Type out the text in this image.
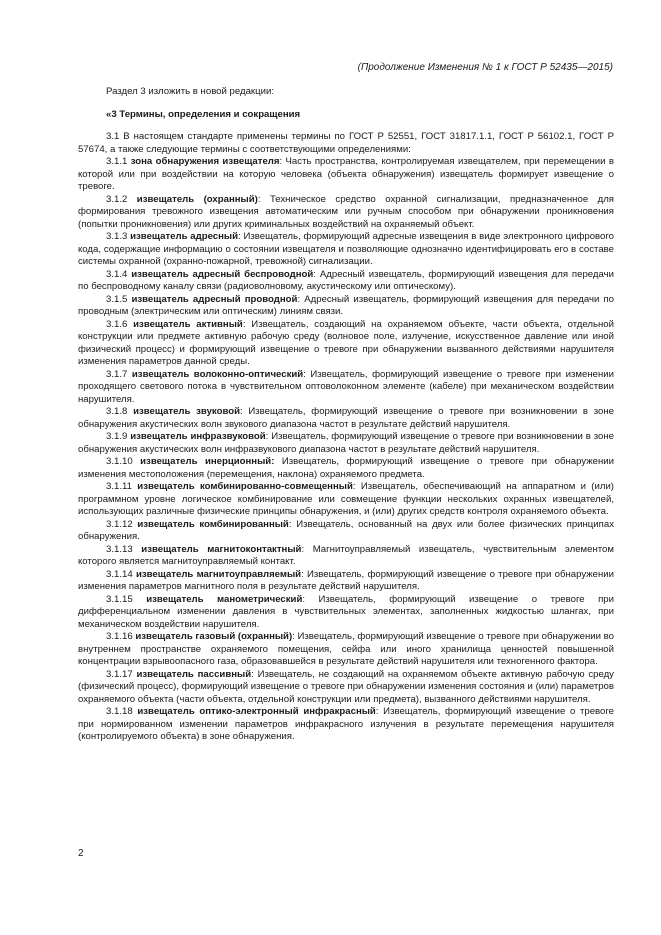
(Продолжение Изменения № 1 к ГОСТ Р 52435—2015)

Раздел 3 изложить в новой редакции:

«3 Термины, определения и сокращения

3.1 В настоящем стандарте применены термины по ГОСТ Р 52551, ГОСТ 31817.1.1, ГОСТ Р 56102.1, ГОСТ Р 57674, а также следующие термины с соответствующими определениями:

3.1.1 зона обнаружения извещателя: Часть пространства, контролируемая извещателем, при перемещении в которой или при воздействии на которую человека (объекта обнаружения) извещатель формирует извещение о тревоге.

3.1.2 извещатель (охранный): Техническое средство охранной сигнализации, предназначенное для формирования тревожного извещения автоматическим или ручным способом при обнаружении проникновения (попытки проникновения) или других криминальных воздействий на охраняемый объект.

3.1.3 извещатель адресный: Извещатель, формирующий адресные извещения в виде электронного цифрового кода, содержащие информацию о состоянии извещателя и позволяющие однозначно идентифицировать его в составе системы охранной (охранно-пожарной, тревожной) сигнализации.

3.1.4 извещатель адресный беспроводной: Адресный извещатель, формирующий извещения для передачи по беспроводному каналу связи (радиоволновому, акустическому или оптическому).

3.1.5 извещатель адресный проводной: Адресный извещатель, формирующий извещения для передачи по проводным (электрическим или оптическим) линиям связи.

3.1.6 извещатель активный: Извещатель, создающий на охраняемом объекте, части объекта, отдельной конструкции или предмете активную рабочую среду (волновое поле, излучение, искусственное давление или иной физический процесс) и формирующий извещение о тревоге при обнаружении вызванного действиями нарушителя изменения параметров данной среды.

3.1.7 извещатель волоконно-оптический: Извещатель, формирующий извещение о тревоге при изменении проходящего светового потока в чувствительном оптоволоконном элементе (кабеле) при механическом воздействии нарушителя.

3.1.8 извещатель звуковой: Извещатель, формирующий извещение о тревоге при возникновении в зоне обнаружения акустических волн звукового диапазона частот в результате действий нарушителя.

3.1.9 извещатель инфразвуковой: Извещатель, формирующий извещение о тревоге при возникновении в зоне обнаружения акустических волн инфразвукового диапазона частот в результате действий нарушителя.

3.1.10 извещатель инерционный: Извещатель, формирующий извещение о тревоге при обнаружении изменения местоположения (перемещения, наклона) охраняемого предмета.

3.1.11 извещатель комбинированно-совмещенный: Извещатель, обеспечивающий на аппаратном и (или) программном уровне логическое комбинирование или совмещение функции нескольких охранных извещателей, использующих различные физические принципы обнаружения, и (или) других средств контроля охраняемого объекта.

3.1.12 извещатель комбинированный: Извещатель, основанный на двух или более физических принципах обнаружения.

3.1.13 извещатель магнитоконтактный: Магнитоуправляемый извещатель, чувствительным элементом которого является магнитоуправляемый контакт.

3.1.14 извещатель магнитоуправляемый: Извещатель, формирующий извещение о тревоге при обнаружении изменения параметров магнитного поля в результате действий нарушителя.

3.1.15 извещатель манометрический: Извещатель, формирующий извещение о тревоге при дифференциальном изменении давления в чувствительных элементах, заполненных жидкостью шлангах, при механическом воздействии нарушителя.

3.1.16 извещатель газовый (охранный): Извещатель, формирующий извещение о тревоге при обнаружении во внутреннем пространстве охраняемого помещения, сейфа или иного хранилища ценностей повышенной концентрации взрывоопасного газа, образовавшейся в результате действий нарушителя или техногенного фактора.

3.1.17 извещатель пассивный: Извещатель, не создающий на охраняемом объекте активную рабочую среду (физический процесс), формирующий извещение о тревоге при обнаружении изменения состояния и (или) параметров охраняемого объекта (части объекта, отдельной конструкции или предмета), вызванного действиями нарушителя.

3.1.18 извещатель оптико-электронный инфракрасный: Извещатель, формирующий извещение о тревоге при нормированном изменении параметров инфракрасного излучения в результате перемещения нарушителя (контролируемого объекта) в зоне обнаружения.

2
